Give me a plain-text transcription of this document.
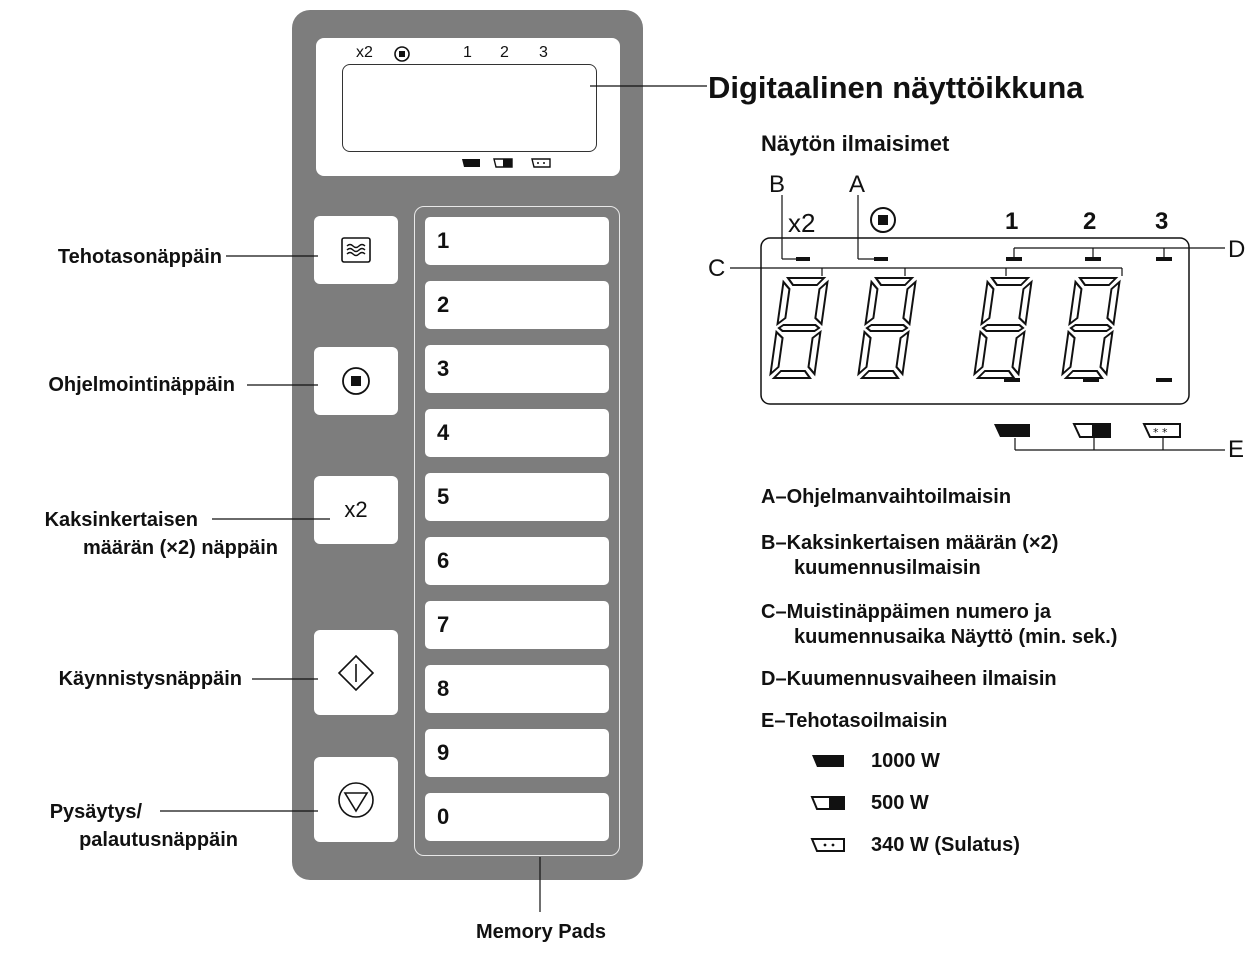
x2	1 2 3
x2
1
2
3
4
5
6
7
8
9
0
Tehotasonäppäin
Ohjelmointinäppäin
Kaksinkertaisen
määrän (×2) näppäin
Käynnistysnäppäin
Pysäytys/
palautusnäppäin
Memory Pads
Digitaalinen näyttöikkuna
Näytön ilmaisimet
B	A
C
D
E
x2	1	2 3
* *
A–Ohjelmanvaihtoilmaisin
B–Kaksinkertaisen määrän (×2)
kuumennusilmaisin
C–Muistinäppäimen numero ja
kuumennusaika Näyttö (min. sek.)
D–Kuumennusvaiheen ilmaisin
E–Tehotasoilmaisin
1000 W
500 W
340 W (Sulatus)
